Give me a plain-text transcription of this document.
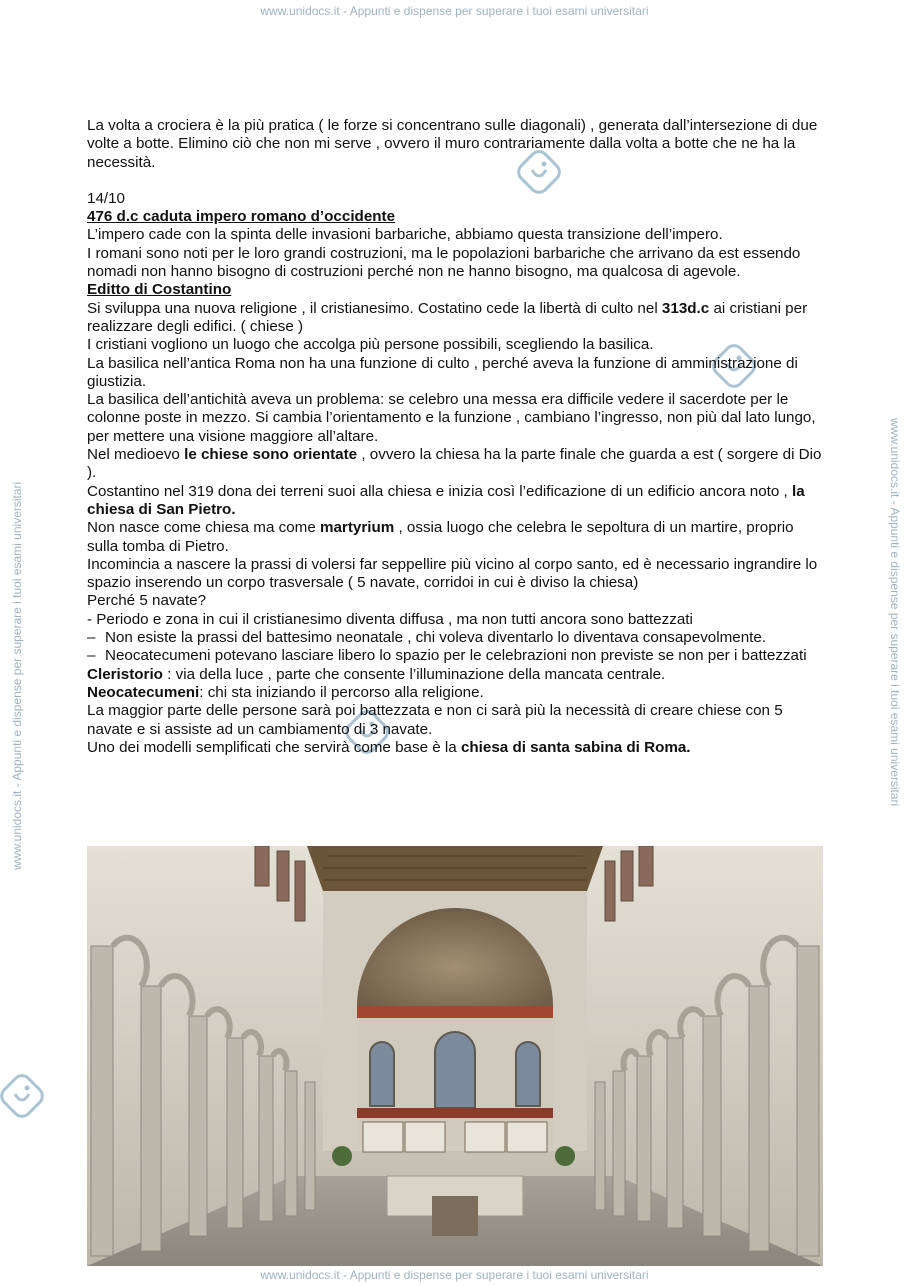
www.unidocs.it - Appunti e dispense per superare i tuoi esami universitari
www.unidocs.it - Appunti e dispense per superare i tuoi esami universitari
www.unidocs.it - Appunti e dispense per superare i tuoi esami universitari	www.unidocs.it - Appunti e dispense per superare i tuoi esami universitari

La volta a crociera è la più pratica ( le forze si concentrano sulle diagonali) , generata dall’intersezione di due volte a botte. Elimino ciò che non mi serve , ovvero il muro contrariamente dalla volta a botte che ne ha la necessità.

14/10

476 d.c caduta impero romano d’occidente

L’impero cade con la spinta delle invasioni barbariche, abbiamo questa transizione dell’impero.

I romani sono noti per le loro grandi costruzioni, ma le popolazioni barbariche che arrivano da est essendo nomadi non hanno bisogno di costruzioni perché non ne hanno bisogno, ma qualcosa di agevole.

Editto di Costantino

Si sviluppa una nuova religione , il cristianesimo. Costatino cede la libertà di culto nel 313d.c ai cristiani per realizzare degli edifici. ( chiese )

I cristiani vogliono un luogo che accolga più persone possibili, scegliendo la basilica.

La basilica nell’antica Roma non ha una funzione di culto , perché aveva la funzione di amministrazione di giustizia.

La basilica dell’antichità aveva un problema: se celebro una messa era difficile vedere il sacerdote per le colonne poste in mezzo. Si cambia l’orientamento e la funzione , cambiano l’ingresso, non più dal lato lungo, per mettere una visione maggiore all’altare.

Nel medioevo le chiese sono orientate , ovvero la chiesa ha la parte finale che guarda a est ( sorgere di Dio ).

Costantino nel 319 dona dei terreni suoi alla chiesa e inizia così l’edificazione di un edificio ancora noto , la chiesa di San Pietro.

Non nasce come chiesa ma come martyrium , ossia luogo che celebra le sepoltura di un martire, proprio sulla tomba di Pietro.

Incomincia a nascere la prassi di volersi far seppellire più vicino al corpo santo, ed è necessario ingrandire lo spazio inserendo un corpo trasversale ( 5 navate, corridoi in cui è diviso la chiesa)

Perché 5 navate?

- Periodo e zona in cui il cristianesimo diventa diffusa , ma non tutti ancora sono battezzati

– Non esiste la prassi del battesimo neonatale , chi voleva diventarlo lo diventava consapevolmente.
– Neocatecumeni potevano lasciare libero lo spazio per le celebrazioni non previste se non per i battezzati

Cleristorio : via della luce , parte che consente l’illuminazione della mancata centrale.

Neocatecumeni: chi sta iniziando il percorso alla religione.

La maggior parte delle persone sarà poi battezzata e non ci sarà più la necessità di creare chiese con 5 navate e si assiste ad un cambiamento di 3 navate.

Uno dei modelli semplificati che servirà come base è la chiesa di santa sabina di Roma.
